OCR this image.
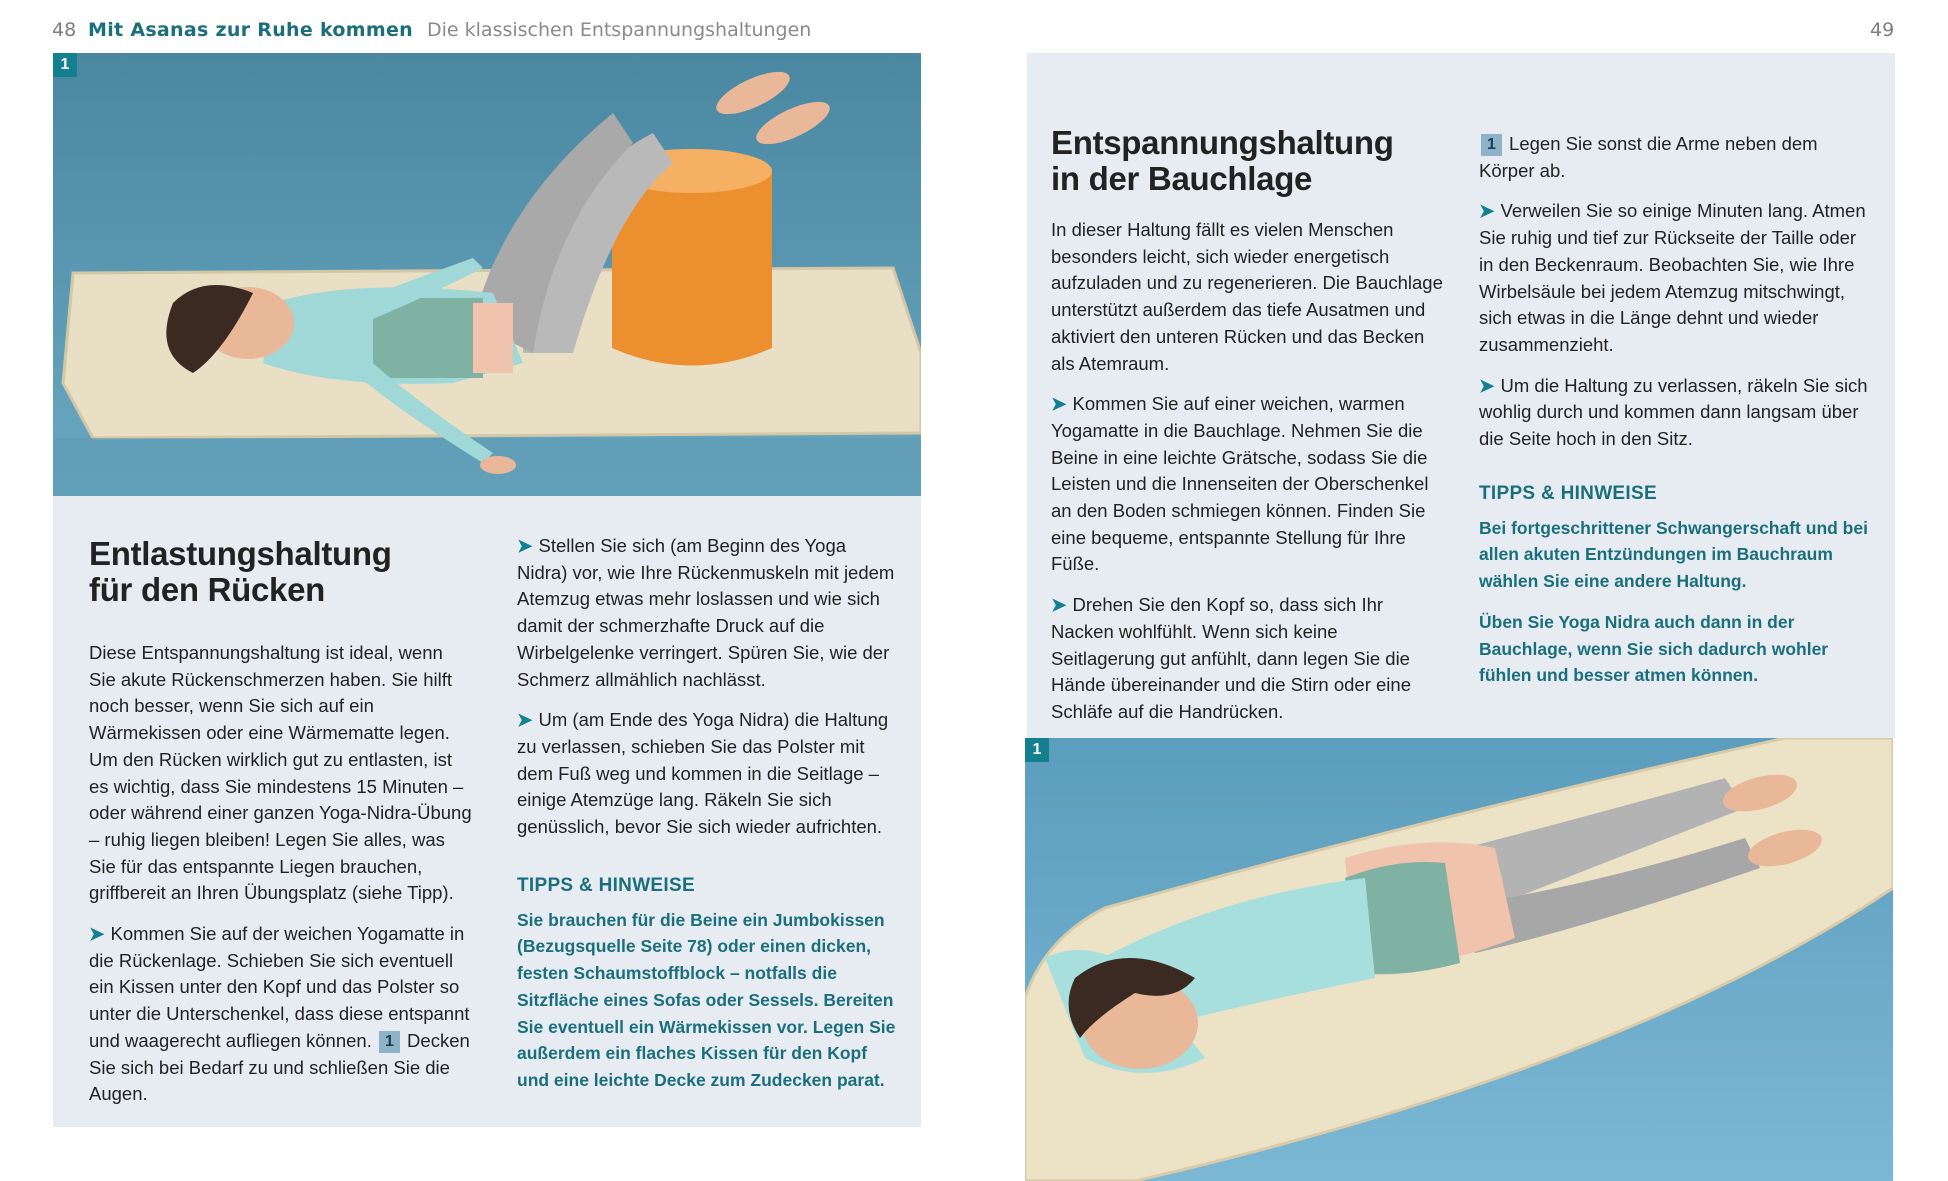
48 Mit Asanas zur Ruhe kommen Die klassischen Entspannungshaltungen	49
1
Entlastungshaltung
für den Rücken

Diese Entspannungshaltung ist ideal, wenn Sie akute Rückenschmerzen haben. Sie hilft noch besser, wenn Sie sich auf ein Wärmekissen oder eine Wärmematte legen. Um den Rücken wirklich gut zu entlasten, ist es wichtig, dass Sie mindestens 15 Minuten – oder während einer ganzen Yoga-Nidra-Übung – ruhig liegen bleiben! Legen Sie alles, was Sie für das entspannte Liegen brauchen, griffbereit an Ihren Übungsplatz (siehe Tipp).

➤ Kommen Sie auf der weichen Yogamatte in die Rückenlage. Schieben Sie sich eventuell ein Kissen unter den Kopf und das Polster so unter die Unterschenkel, dass diese entspannt und waagerecht aufliegen können. 1 Decken Sie sich bei Bedarf zu und schließen Sie die Augen.

➤ Stellen Sie sich (am Beginn des Yoga Nidra) vor, wie Ihre Rückenmuskeln mit jedem Atemzug etwas mehr loslassen und wie sich damit der schmerzhafte Druck auf die Wirbelgelenke verringert. Spüren Sie, wie der Schmerz allmählich nachlässt.

➤ Um (am Ende des Yoga Nidra) die Haltung zu verlassen, schieben Sie das Polster mit dem Fuß weg und kommen in die Seitlage – einige Atemzüge lang. Räkeln Sie sich genüsslich, bevor Sie sich wieder aufrichten.

TIPPS & HINWEISE

Sie brauchen für die Beine ein Jumbokissen (Bezugsquelle Seite 78) oder einen dicken, festen Schaumstoffblock – notfalls die Sitzfläche eines Sofas oder Sessels. Bereiten Sie eventuell ein Wärmekissen vor. Legen Sie außerdem ein flaches Kissen für den Kopf und eine leichte Decke zum Zudecken parat.

Entspannungshaltung
in der Bauchlage

In dieser Haltung fällt es vielen Menschen besonders leicht, sich wieder energetisch aufzuladen und zu regenerieren. Die Bauchlage unterstützt außerdem das tiefe Ausatmen und aktiviert den unteren Rücken und das Becken als Atemraum.

➤ Kommen Sie auf einer weichen, warmen Yogamatte in die Bauchlage. Nehmen Sie die Beine in eine leichte Grätsche, sodass Sie die Leisten und die Innenseiten der Oberschenkel an den Boden schmiegen können. Finden Sie eine bequeme, entspannte Stellung für Ihre Füße.

➤ Drehen Sie den Kopf so, dass sich Ihr Nacken wohlfühlt. Wenn sich keine Seitlagerung gut anfühlt, dann legen Sie die Hände übereinander und die Stirn oder eine Schläfe auf die Handrücken.

1 Legen Sie sonst die Arme neben dem Körper ab.

➤ Verweilen Sie so einige Minuten lang. Atmen Sie ruhig und tief zur Rückseite der Taille oder in den Beckenraum. Beobachten Sie, wie Ihre Wirbelsäule bei jedem Atemzug mitschwingt, sich etwas in die Länge dehnt und wieder zusammenzieht.

➤ Um die Haltung zu verlassen, räkeln Sie sich wohlig durch und kommen dann langsam über die Seite hoch in den Sitz.

TIPPS & HINWEISE

Bei fortgeschrittener Schwangerschaft und bei allen akuten Entzündungen im Bauchraum wählen Sie eine andere Haltung.

Üben Sie Yoga Nidra auch dann in der Bauchlage, wenn Sie sich dadurch wohler fühlen und besser atmen können.

1
